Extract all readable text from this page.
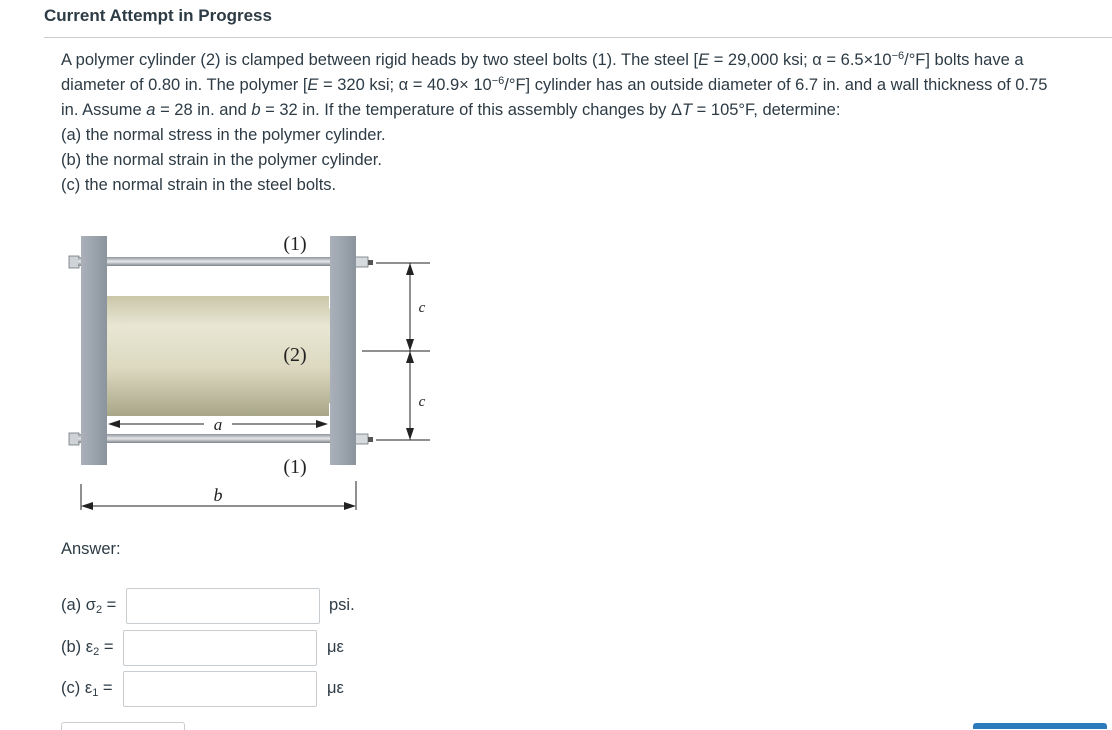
Current Attempt in Progress
A polymer cylinder (2) is clamped between rigid heads by two steel bolts (1). The steel [E = 29,000 ksi; $\alpha = 6.5\times 10^{-6}/^\circ F$] bolts have a
diameter of 0.80 in. The polymer [E = 320 ksi; $\alpha = 40.9\times 10^{-6}/^\circ F$] cylinder has an outside diameter of 6.7 in. and a wall thickness of 0.75
in. Assume a = 28 in. and b = 32 in. If the temperature of this assembly changes by ΔT = 105°F, determine:
(a) the normal stress in the polymer cylinder.
(b) the normal strain in the polymer cylinder.
(c) the normal strain in the steel bolts.
a
b
c
c
(1)
(2)
(1)
Answer:
(a) $\sigma_2$ =	psi.
(b) $\varepsilon_2$ =	με
(c) $\varepsilon_1$ =	με
